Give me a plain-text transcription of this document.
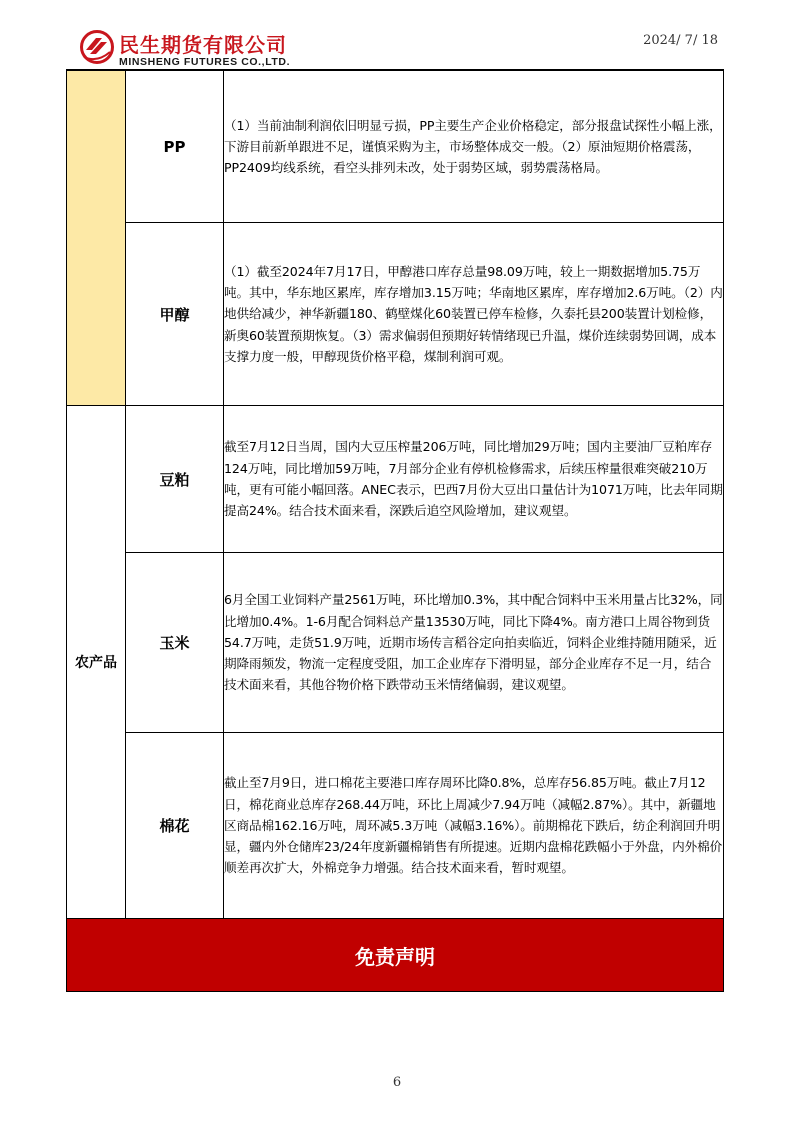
民生期货有限公司
MINSHENG FUTURES CO.,LTD.
2024/ 7/ 18
	PP	（1）当前油制利润依旧明显亏损，PP主要生产企业价格稳定，部分报盘试探性小幅上涨，下游目前新单跟进不足，谨慎采购为主，市场整体成交一般。（2）原油短期价格震荡，PP2409均线系统，看空头排列未改，处于弱势区域，弱势震荡格局。
	甲醇	（1）截至2024年7月17日，甲醇港口库存总量98.09万吨，较上一期数据增加5.75万吨。其中，华东地区累库，库存增加3.15万吨；华南地区累库，库存增加2.6万吨。（2）内地供给减少，神华新疆180、鹤壁煤化60装置已停车检修，久泰托县200装置计划检修，新奥60装置预期恢复。（3）需求偏弱但预期好转情绪现已升温，煤价连续弱势回调，成本支撑力度一般，甲醇现货价格平稳，煤制利润可观。
农产品	豆粕	截至7月12日当周，国内大豆压榨量206万吨，同比增加29万吨；国内主要油厂豆粕库存124万吨，同比增加59万吨，7月部分企业有停机检修需求，后续压榨量很难突破210万吨，更有可能小幅回落。ANEC表示，巴西7月份大豆出口量估计为1071万吨，比去年同期提高24%。结合技术面来看，深跌后追空风险增加，建议观望。
	玉米	6月全国工业饲料产量2561万吨，环比增加0.3%，其中配合饲料中玉米用量占比32%，同比增加0.4%。1-6月配合饲料总产量13530万吨，同比下降4%。南方港口上周谷物到货54.7万吨，走货51.9万吨，近期市场传言稻谷定向拍卖临近，饲料企业维持随用随采，近期降雨频发，物流一定程度受阻，加工企业库存下滑明显，部分企业库存不足一月，结合技术面来看，其他谷物价格下跌带动玉米情绪偏弱，建议观望。
	棉花	截止至7月9日，进口棉花主要港口库存周环比降0.8%，总库存56.85万吨。截止7月12日，棉花商业总库存268.44万吨，环比上周减少7.94万吨（减幅2.87%）。其中，新疆地区商品棉162.16万吨，周环减5.3万吨（减幅3.16%）。前期棉花下跌后，纺企利润回升明显，疆内外仓储库23/24年度新疆棉销售有所提速。近期内盘棉花跌幅小于外盘，内外棉价顺差再次扩大，外棉竞争力增强。结合技术面来看，暂时观望。
免责声明		
6
